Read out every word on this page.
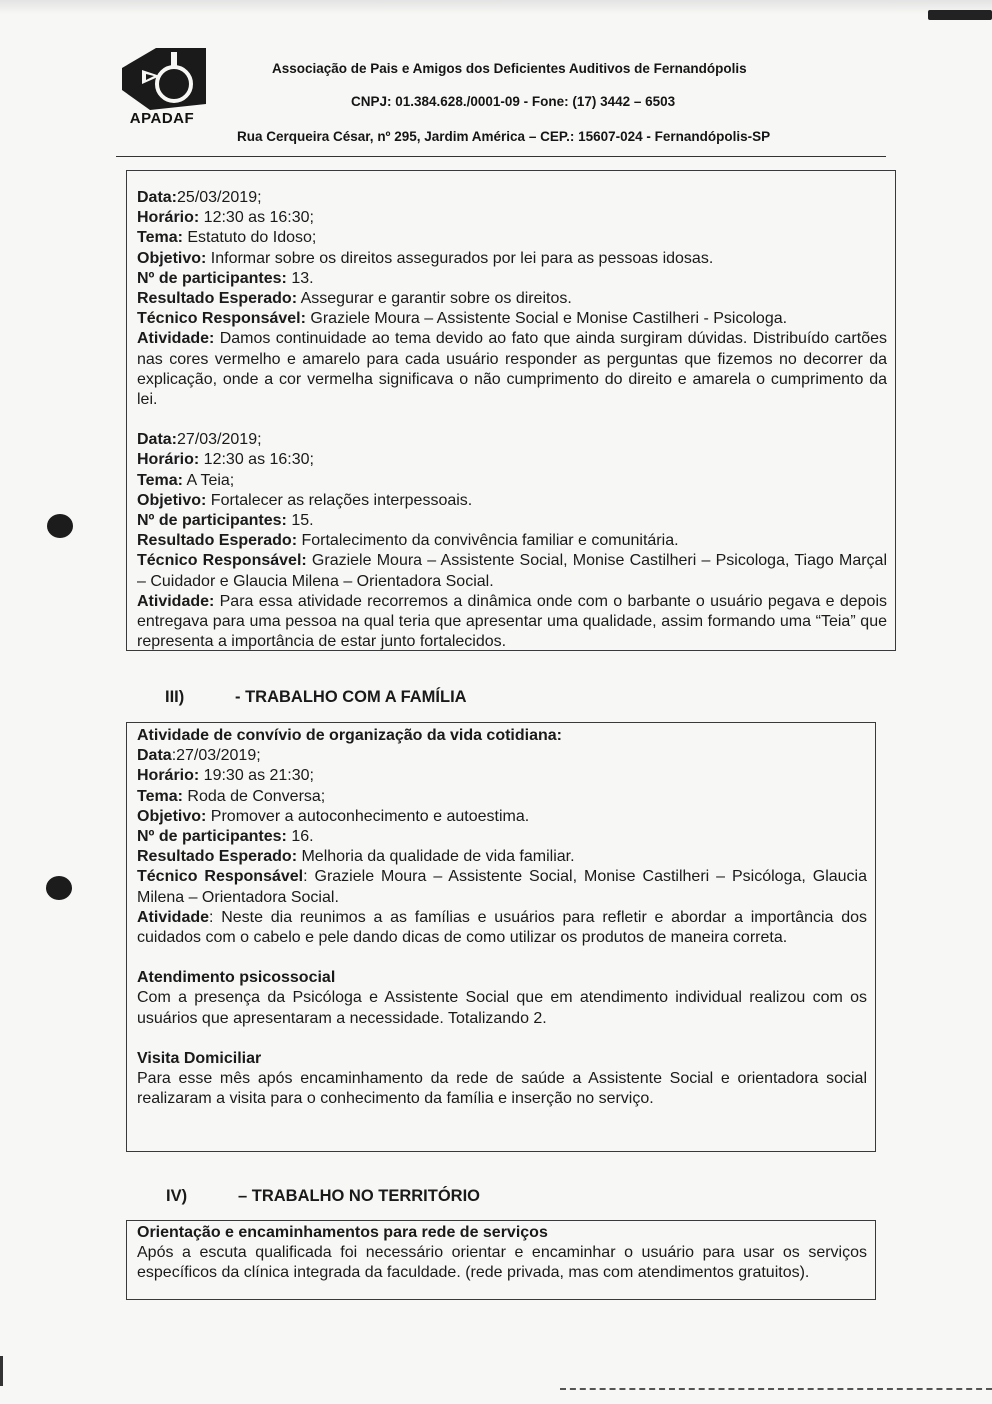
APADAF
Associação de Pais e Amigos dos Deficientes Auditivos de Fernandópolis
CNPJ: 01.384.628./0001-09 - Fone: (17) 3442 – 6503
Rua Cerqueira César, nº 295, Jardim América – CEP.: 15607-024 - Fernandópolis-SP

Data:25/03/2019;

Horário: 12:30 as 16:30;

Tema: Estatuto do Idoso;

Objetivo: Informar sobre os direitos assegurados por lei para as pessoas idosas.

Nº de participantes: 13.

Resultado Esperado: Assegurar e garantir sobre os direitos.

Técnico Responsável: Graziele Moura – Assistente Social e Monise Castilheri - Psicologa.

Atividade: Damos continuidade ao tema devido ao fato que ainda surgiram dúvidas. Distribuído cartões nas cores vermelho e amarelo para cada usuário responder as perguntas que fizemos no decorrer da explicação, onde a cor vermelha significava o não cumprimento do direito e amarela o cumprimento da lei.

Data:27/03/2019;

Horário: 12:30 as 16:30;

Tema: A Teia;

Objetivo: Fortalecer as relações interpessoais.

Nº de participantes: 15.

Resultado Esperado: Fortalecimento da convivência familiar e comunitária.

Técnico Responsável: Graziele Moura – Assistente Social, Monise Castilheri – Psicologa, Tiago Marçal – Cuidador e Glaucia Milena – Orientadora Social.

Atividade: Para essa atividade recorremos a dinâmica onde com o barbante o usuário pegava e depois entregava para uma pessoa na qual teria que apresentar uma qualidade, assim formando uma “Teia” que representa a importância de estar junto fortalecidos.

III)	- TRABALHO COM A FAMÍLIA

Atividade de convívio de organização da vida cotidiana:

Data:27/03/2019;

Horário: 19:30 as 21:30;

Tema: Roda de Conversa;

Objetivo: Promover a autoconhecimento e autoestima.

Nº de participantes: 16.

Resultado Esperado: Melhoria da qualidade de vida familiar.

Técnico Responsável: Graziele Moura – Assistente Social, Monise Castilheri – Psicóloga, Glaucia Milena – Orientadora Social.

Atividade: Neste dia reunimos a as famílias e usuários para refletir e abordar a importância dos cuidados com o cabelo e pele dando dicas de como utilizar os produtos de maneira correta.

Atendimento psicossocial

Com a presença da Psicóloga e Assistente Social que em atendimento individual realizou com os usuários que apresentaram a necessidade. Totalizando 2.

Visita Domiciliar

Para esse mês após encaminhamento da rede de saúde a Assistente Social e orientadora social realizaram a visita para o conhecimento da família e inserção no serviço.

IV)	– TRABALHO NO TERRITÓRIO

Orientação e encaminhamentos para rede de serviços

Após a escuta qualificada foi necessário orientar e encaminhar o usuário para usar os serviços específicos da clínica integrada da faculdade. (rede privada, mas com atendimentos gratuitos).
